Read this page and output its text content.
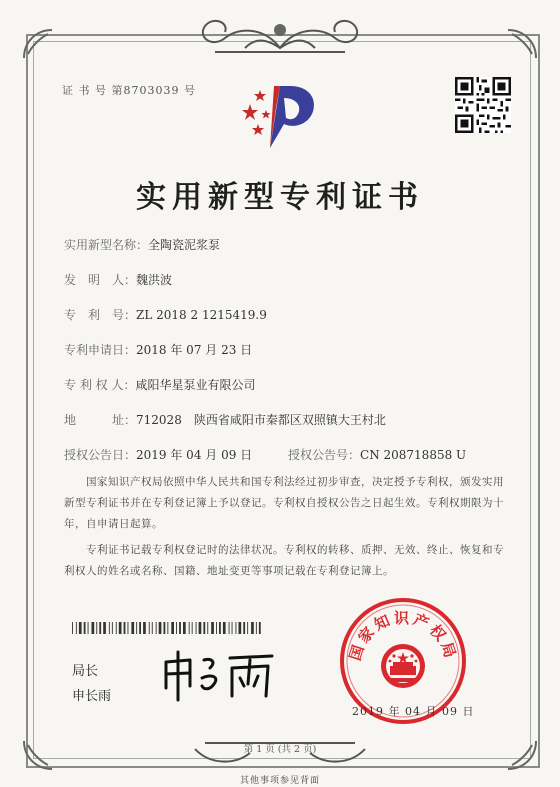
证 书 号 第8703039 号
实用新型专利证书
实用新型名称：全陶瓷泥浆泵
发　明　人：魏洪波
专　利　号：ZL 2018 2 1215419.9
专利申请日：2018 年 07 月 23 日
专 利 权 人：咸阳华星泵业有限公司
地　　　址：712028　陕西省咸阳市秦都区双照镇大王村北
授权公告日：2019 年 04 月 09 日	授权公告号：CN 208718858 U
国家知识产权局依照中华人民共和国专利法经过初步审查，决定授予专利权，颁发实用新型专利证书并在专利登记簿上予以登记。专利权自授权公告之日起生效。专利权期限为十年，自申请日起算。
专利证书记载专利权登记时的法律状况。专利权的转移、质押、无效、终止、恢复和专利权人的姓名或名称、国籍、地址变更等事项记载在专利登记簿上。
局长
申长雨
国家知识产权局
2019 年 04 月 09 日
第 1 页 (共 2 页)
其他事项参见背面
